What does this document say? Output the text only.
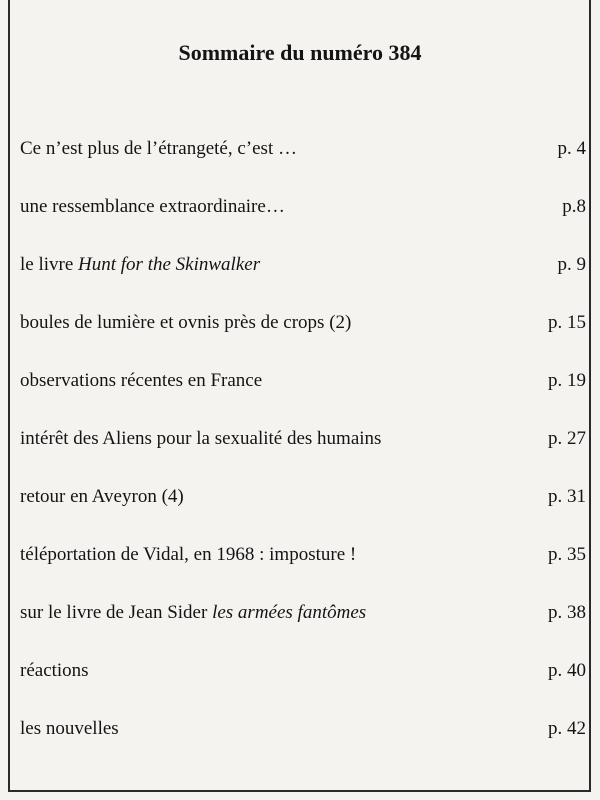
Sommaire du numéro 384
Ce n’est plus de l’étrangeté, c’est …	p. 4
une ressemblance extraordinaire…	p.8
le livre Hunt for the Skinwalker	p. 9
boules de lumière et ovnis près de crops (2)	p. 15
observations récentes en France	p. 19
intérêt des Aliens pour la sexualité des humains	p. 27
retour en Aveyron (4)	p. 31
téléportation de Vidal, en 1968 : imposture !	p. 35
sur le livre de Jean Sider les armées fantômes	p. 38
réactions	p. 40
les nouvelles	p. 42
